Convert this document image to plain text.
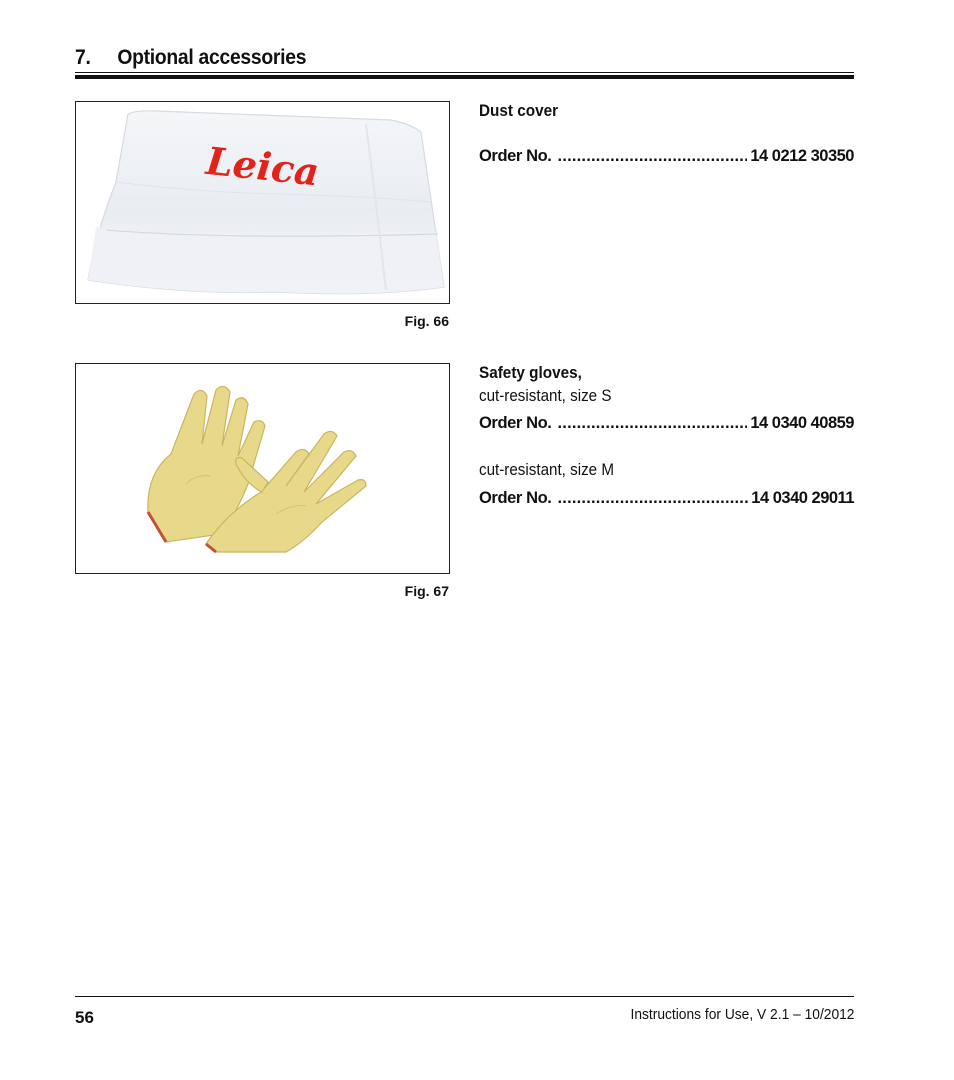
7. Optional accessories
Leica
Fig. 66
Dust cover
Order No. .....	14 0212 30350
Fig. 67
Safety gloves,
cut-resistant, size S
Order No. .....	14 0340 40859
cut-resistant, size M
Order No. .....	14 0340 29011
56	Instructions for Use, V 2.1 – 10/2012
